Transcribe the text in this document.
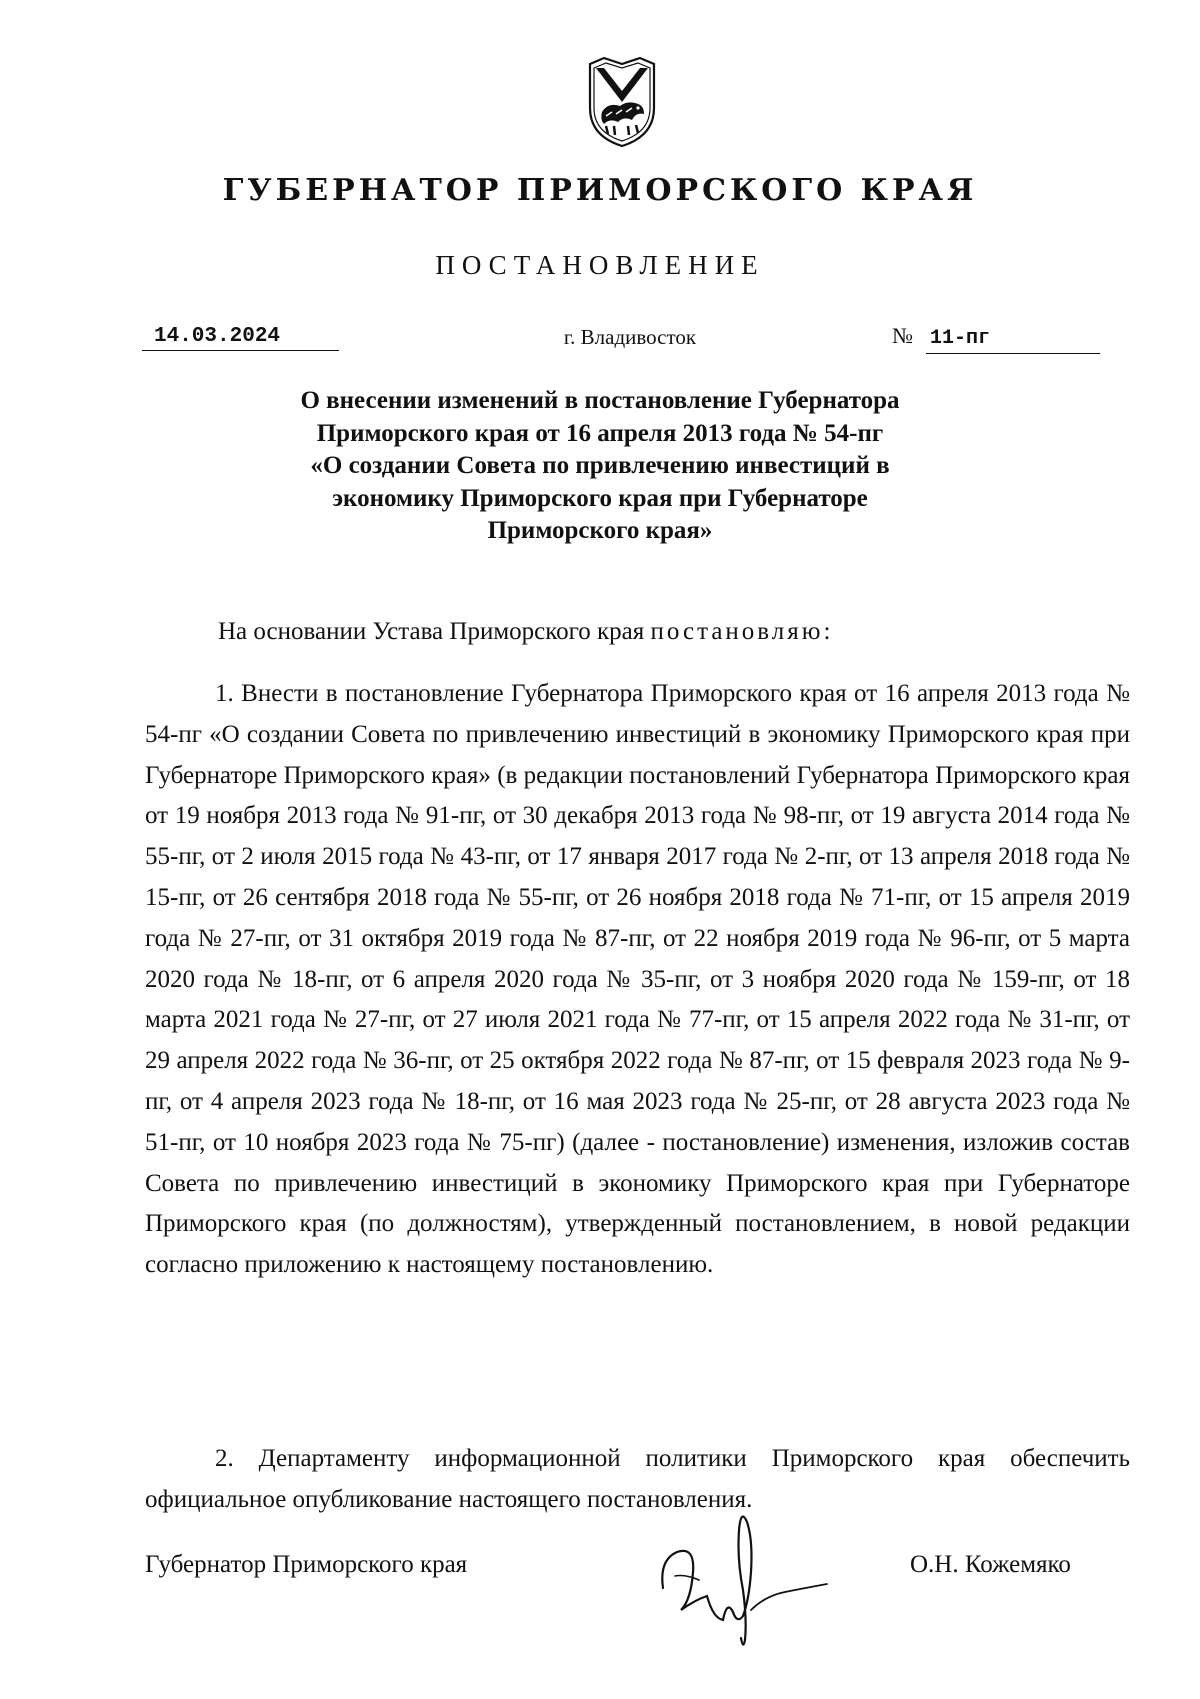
ГУБЕРНАТОР ПРИМОРСКОГО КРАЯ
ПОСТАНОВЛЕНИЕ
14.03.2024	г. Владивосток	№ 11-пг
О внесении изменений в постановление Губернатора
Приморского края от 16 апреля 2013 года № 54-пг
«О создании Совета по привлечению инвестиций в
экономику Приморского края при Губернаторе
Приморского края»
На основании Устава Приморского края постановляю:

1. Внести в постановление Губернатора Приморского края от 16 апреля 2013 года № 54-пг «О создании Совета по привлечению инвестиций в экономику Приморского края при Губернаторе Приморского края» (в редакции постановлений Губернатора Приморского края от 19 ноября 2013 года № 91-пг, от 30 декабря 2013 года № 98-пг, от 19 августа 2014 года № 55-пг, от 2 июля 2015 года № 43-пг, от 17 января 2017 года № 2-пг, от 13 апреля 2018 года № 15-пг, от 26 сентября 2018 года № 55-пг, от 26 ноября 2018 года № 71-пг, от 15 апреля 2019 года № 27-пг, от 31 октября 2019 года № 87-пг, от 22 ноября 2019 года № 96-пг, от 5 марта 2020 года № 18-пг, от 6 апреля 2020 года № 35-пг, от 3 ноября 2020 года № 159-пг, от 18 марта 2021 года № 27-пг, от 27 июля 2021 года № 77-пг, от 15 апреля 2022 года № 31-пг, от 29 апреля 2022 года № 36-пг, от 25 октября 2022 года № 87-пг, от 15 февраля 2023 года № 9-пг, от 4 апреля 2023 года № 18-пг, от 16 мая 2023 года № 25-пг, от 28 августа 2023 года № 51-пг, от 10 ноября 2023 года № 75-пг) (далее - постановление) изменения, изложив состав Совета по привлечению инвестиций в экономику Приморского края при Губернаторе Приморского края (по должностям), утвержденный постановлением, в новой редакции согласно приложению к настоящему постановлению.

2. Департаменту информационной политики Приморского края обеспечить официальное опубликование настоящего постановления.

Губернатор Приморского края	О.Н. Кожемяко
